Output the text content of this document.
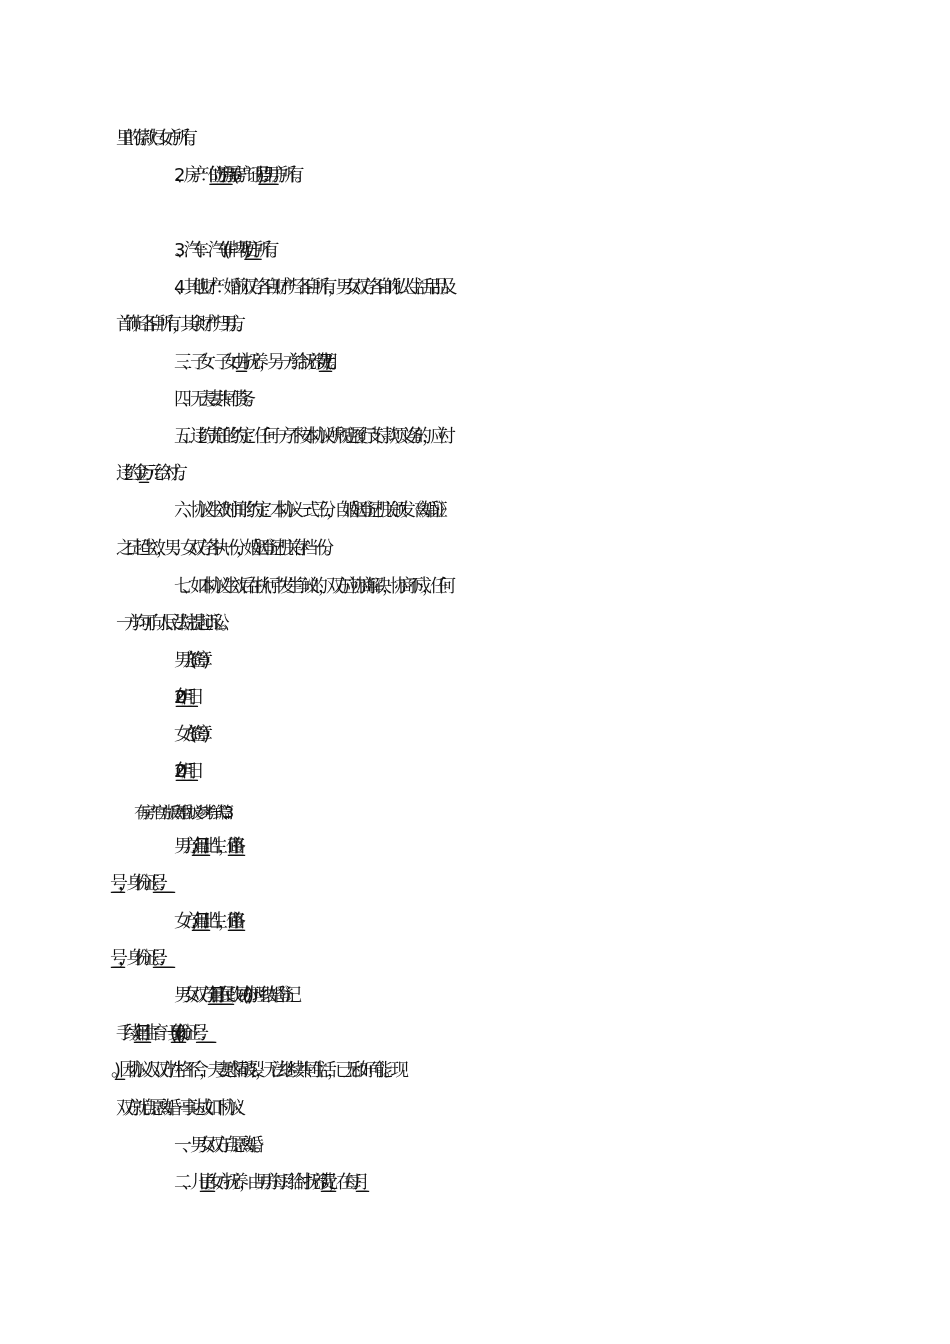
里的存款归女方所有。

2、房产：位于_______________的房屋(房产证号：____________)归男方所有。

3、汽车：汽车(车牌号：_________)归___方所有。

4、其他财产：婚前双方各自财产归各自所有，男女双方各自的私人生活用品及

首饰归各自所有，其余财产归男方。

三、子女：子女由___方抚养，另一方给抚养费_____元/月。

四、无夫妻共同债务。

五、违约责任的约定：任何一方不按本协议所规定履行支付款项义务的，应付

违约金__万元给对方。

六、协议生效时间的约定：本协议一式三份，自婚姻登记机关颁发《离婚证》

之日起生效，男、女双方各执一份，婚姻登记机关存档一份。

七、如本协议生效后在执行中发生争议的，双方应协商解决，协商不成，任何

一方均可向人民法院提起诉讼。

男方(签章)：

20__年__月__日

女方(签章)：

20__年__月__日

有房产官方版离婚协议参考样式篇3

男方：_______，_______年_______月_______日出生，住_______市_______路_

______号，身份证号：______________。

女方：_______，_______年_______月_______日出生，住_______市_______路_

______号，身份证号：______________。

男女双方于_______年_______月_______日在_______民政局(办)办理结婚登记

手续。_______年_______月_______日生育一子(女)_______(身份证号：____________

__)。因协议人双方性格不合，夫妻感情破裂，无法继续共同生活，已无和好可能。现

双方就自愿离婚一事达成如下协议：

一、男女双方自愿离婚。

二、儿子_______由女方抚养，由男方每月给付抚养费_______元，在每月_____
